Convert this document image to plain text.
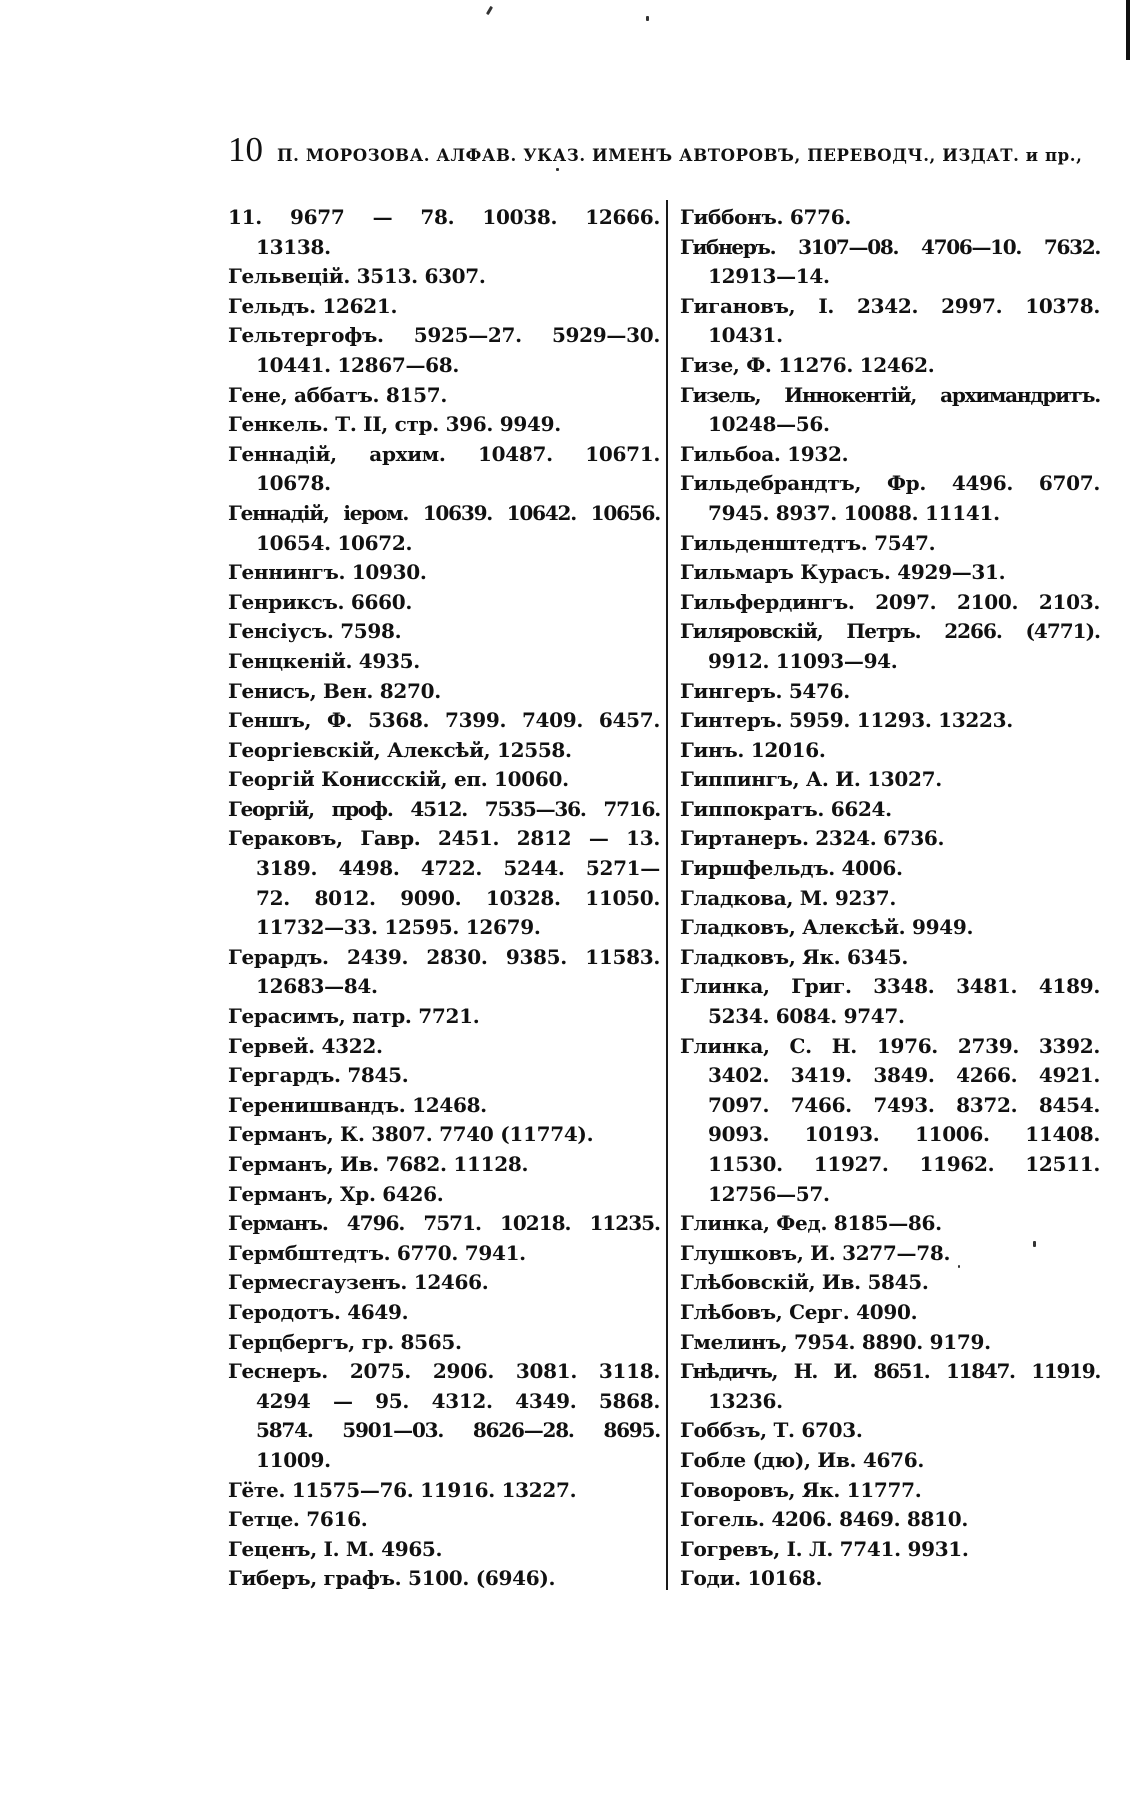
10 П. МОРОЗОВА. АЛФАВ. УКАЗ. ИМЕНЪ АВТОРОВЪ, ПЕРЕВОДЧ., ИЗДАТ. и пр.,
11. 9677 — 78. 10038. 12666.
13138.
Гельвецій. 3513. 6307.
Гельдъ. 12621.
Гельтергофъ. 5925—27. 5929—30.
10441. 12867—68.
Гене, аббатъ. 8157.
Генкель. Т. II, стр. 396. 9949.
Геннадій, архим. 10487. 10671.
10678.
Геннадій, іером. 10639. 10642. 10656.
10654. 10672.
Геннингъ. 10930.
Генриксъ. 6660.
Генсіусъ. 7598.
Генцкеній. 4935.
Генисъ, Вен. 8270.
Геншъ, Ф. 5368. 7399. 7409. 6457.
Георгіевскій, Алексѣй, 12558.
Георгій Конисскій, еп. 10060.
Георгій, проф. 4512. 7535—36. 7716.
Гераковъ, Гавр. 2451. 2812 — 13.
3189. 4498. 4722. 5244. 5271—
72. 8012. 9090. 10328. 11050.
11732—33. 12595. 12679.
Герардъ. 2439. 2830. 9385. 11583.
12683—84.
Герасимъ, патр. 7721.
Гервей. 4322.
Гергардъ. 7845.
Геренишвандъ. 12468.
Германъ, К. 3807. 7740 (11774).
Германъ, Ив. 7682. 11128.
Германъ, Хр. 6426.
Германъ. 4796. 7571. 10218. 11235.
Гермбштедтъ. 6770. 7941.
Гермесгаузенъ. 12466.
Геродотъ. 4649.
Герцбергъ, гр. 8565.
Геснеръ. 2075. 2906. 3081. 3118.
4294 — 95. 4312. 4349. 5868.
5874. 5901—03. 8626—28. 8695.
11009.
Гёте. 11575—76. 11916. 13227.
Гетце. 7616.
Геценъ, І. М. 4965.
Гиберъ, графъ. 5100. (6946).
Гиббонъ. 6776.
Гибнеръ. 3107—08. 4706—10. 7632.
12913—14.
Гигановъ, І. 2342. 2997. 10378.
10431.
Гизе, Ф. 11276. 12462.
Гизель, Иннокентій, архимандритъ.
10248—56.
Гильбоа. 1932.
Гильдебрандтъ, Фр. 4496. 6707.
7945. 8937. 10088. 11141.
Гильденштедтъ. 7547.
Гильмаръ Курасъ. 4929—31.
Гильфердингъ. 2097. 2100. 2103.
Гиляровскій, Петръ. 2266. (4771).
9912. 11093—94.
Гингеръ. 5476.
Гинтеръ. 5959. 11293. 13223.
Гинъ. 12016.
Гиппингъ, А. И. 13027.
Гиппократъ. 6624.
Гиртанеръ. 2324. 6736.
Гиршфельдъ. 4006.
Гладкова, М. 9237.
Гладковъ, Алексѣй. 9949.
Гладковъ, Як. 6345.
Глинка, Григ. 3348. 3481. 4189.
5234. 6084. 9747.
Глинка, С. Н. 1976. 2739. 3392.
3402. 3419. 3849. 4266. 4921.
7097. 7466. 7493. 8372. 8454.
9093. 10193. 11006. 11408.
11530. 11927. 11962. 12511.
12756—57.
Глинка, Фед. 8185—86.
Глушковъ, И. 3277—78.
Глѣбовскій, Ив. 5845.
Глѣбовъ, Серг. 4090.
Гмелинъ, 7954. 8890. 9179.
Гнѣдичъ, Н. И. 8651. 11847. 11919.
13236.
Гоббзъ, Т. 6703.
Гобле (дю), Ив. 4676.
Говоровъ, Як. 11777.
Гогель. 4206. 8469. 8810.
Гогревъ, І. Л. 7741. 9931.
Годи. 10168.
